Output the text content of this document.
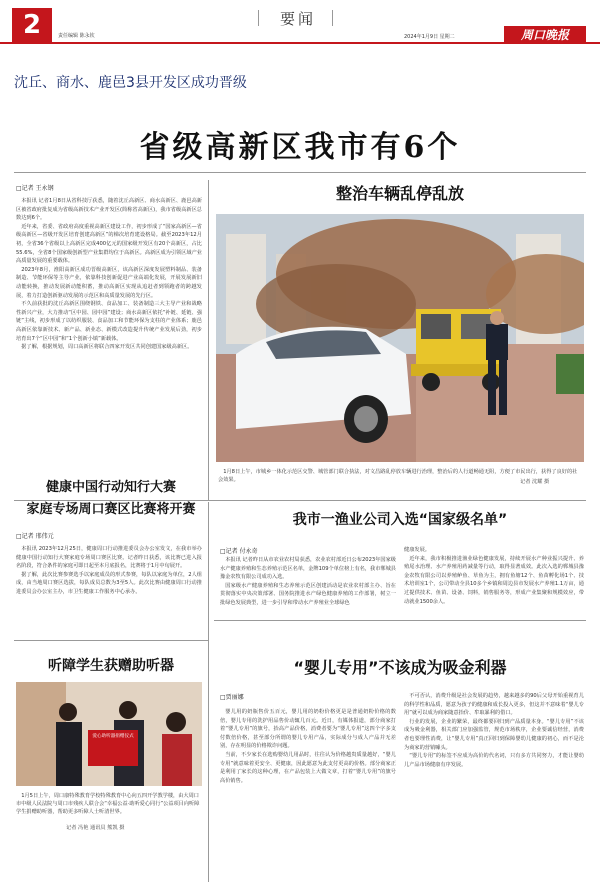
2	责任编辑 陈永钦
要闻
2024年1月9日 星期二	周口晚报
沈丘、商水、鹿邑3县开发区成功晋级
省级高新区我市有6个
□记者 王永钢

本报讯 记者1月8日从省科技厅获悉，随着沈丘高新区、商水高新区、鹿邑高新区被省政府批复成为省级高新技术产业开发区(简称省高新区)，我市省级高新区总数达到6个。

近年来，省委、省政府高度重视高新区建设工作，初步形成了“国家高新区—省级高新区—省级开发区培育创建高新区”的梯次培育建设格局。截至2023年12月初，全省36个省级以上高新区完成400亿元的国家级开发区有20个高新区，占比55.6%，全省8个国家级创新型产业集群均位于高新区。高新区成为引领区域产业高质量发展的重要载体。

2023年8月，淮阳高新区成功晋级高新区，该高新区深度发展塑料制品、装备制造、节能环保等主导产业，依靠科技创新促进产业高端化发展，开展发展新旧动能转换，推动发展新动能积蓄，推动高新区实现从追赶者到领跑者的跨越发展，着力打造创新驱动发展的示范区和高质量发展的先行区。

不久前获批的沈丘高新区围绕钢铁、食品加工、装备制造三大主导产业和战略性新兴产业，大力推动“区中园、园中园”建设；商水高新区依托“补链、延链、强链”主线，初步形成了以纺织服装、食品加工和节能环保为支柱的产业体系；鹿邑高新区依靠新技术、新产品、新业态、新模式改造提升传统产业发展后劲，初步培育出7个“区中园”和“1个创新小镇”新载体。

据了解，根据规划，周口高新区将联合四家开发区共同创建国家级高新区。

整治车辆乱停乱放
1月8日上午，市城乡一体化示范区交警、城管部门联合执法，对文昌路乱停放车辆进行治理，整治后的人行道畅通无阻，方便了市民出行，获得了良好的社会效果。	记者 沈耀 摄
健康中国行动知行大赛
家庭专场周口赛区比赛将开赛
□记者 邢伟元

本报讯 2023年12月25日，健康周口行动推进委员会办公室发文，在我市举办健康中国行动知行大赛家庭专场周口赛区比赛。记者昨日获悉，该比赛已进入报名阶段，符合条件的家庭可即日起至本月底报名，比赛将于1月中旬展开。

据了解，此次比赛参赛选手以家庭成员的形式参赛，每队以家庭为单位，2人组成，由当地周口赛区选拔，每队成员总数为3至5人。此次比赛由健康周口行动推进委员会办公室主办，市卫生健康工作服务中心承办。

我市一渔业公司入选“国家级名单”
□记者 付永奇

本报讯 记者昨日从市农业农村局获悉，农业农村部近日公布2023年国家级水产健康养殖和生态养殖示范区名单，金牌109个单位榜上有名，我市郸城县豫金农牧有限公司成功入选。

国家级水产健康养殖和生态养殖示范区创建活动是农业农村部主办、旨在贯彻落实中央决策部署、国务院推进水产绿色健康养殖的工作部署，树立一批绿色发展典型，进一步引导和带动水产养殖业全球绿色

健康发展。

近年来，我市积极推进渔业绿色健康发展，持续开展水产种业振兴提升、养殖尾水治理、水产养殖用药减量等行动，取得显著成效。此次入选的郸城县豫金农牧有限公司以养殖鲈鱼、草鱼为主，拥有鱼塘12个、鱼苗孵化场1个、技术培训室1个，公司带动全县10多个乡镇和周边县市发展水产养殖1.1万亩，通过提供技术、鱼苗、设备、饲料，销售服务等，形成产业集聚和规模效应，带动就业1500余人。

听障学生获赠助听器
爱心助听器捐赠仪式
1月5日上午，周口康特殊教育学校特殊教育中心向五四开学教学楼，由大周口市中级人民法院与周口市残疾人联合会“幸福公益·助听爱心同行”公益项目向听障学生捐赠助听器，帮助更多听障人士听清世界。
记者 冯艳 通讯员 熊凯 摄
“婴儿专用”不该成为吸金利器
□贾丽娜

婴儿用的奶瓶售价五百元，婴儿用的奶粉价格更是是普通奶粉价格的数倍，婴儿专用的洗护用品售价动辄几百元。近日，有媒体报道，部分商家打着“婴儿专用”的旗号，抬高产品价格，消费者要为“婴儿专用”这四个字多支付数倍价格，甚至部分所谓的婴儿专用产品，实际成分与成人产品并无差别，存在明显的价格欺诈问题。

当前，不少家长在选购婴幼儿用品时，往往认为价格越贵质量越好，“婴儿专用”就意味着更安全、更健康，因此愿意为此支付更高的价格。部分商家正是利用了家长的这种心理，在产品包装上大做文章，打着“婴儿专用”的旗号高价销售。

不可否认，消费升级是社会发展的趋势，越来越多的90后父母开始重视育儿的科学性和品质，愿意为孩子的健康和成长投入更多，但这并不意味着“婴儿专用”就可以成为商家随意抬价、牟取暴利的借口。

行业的发展，企业的繁荣，最终都要回归到产品质量本身。“婴儿专用”不该成为吸金利器，相关部门应加强监管，规范市场秩序，企业要诚信经营，消费者也要理性消费，让“婴儿专用”真正回归到保障婴幼儿健康的初心，而不是沦为商家的营销噱头。

“婴儿专用”的标签不应成为高价的代名词，只有多方共同努力，才能让婴幼儿产品市场健康有序发展。
